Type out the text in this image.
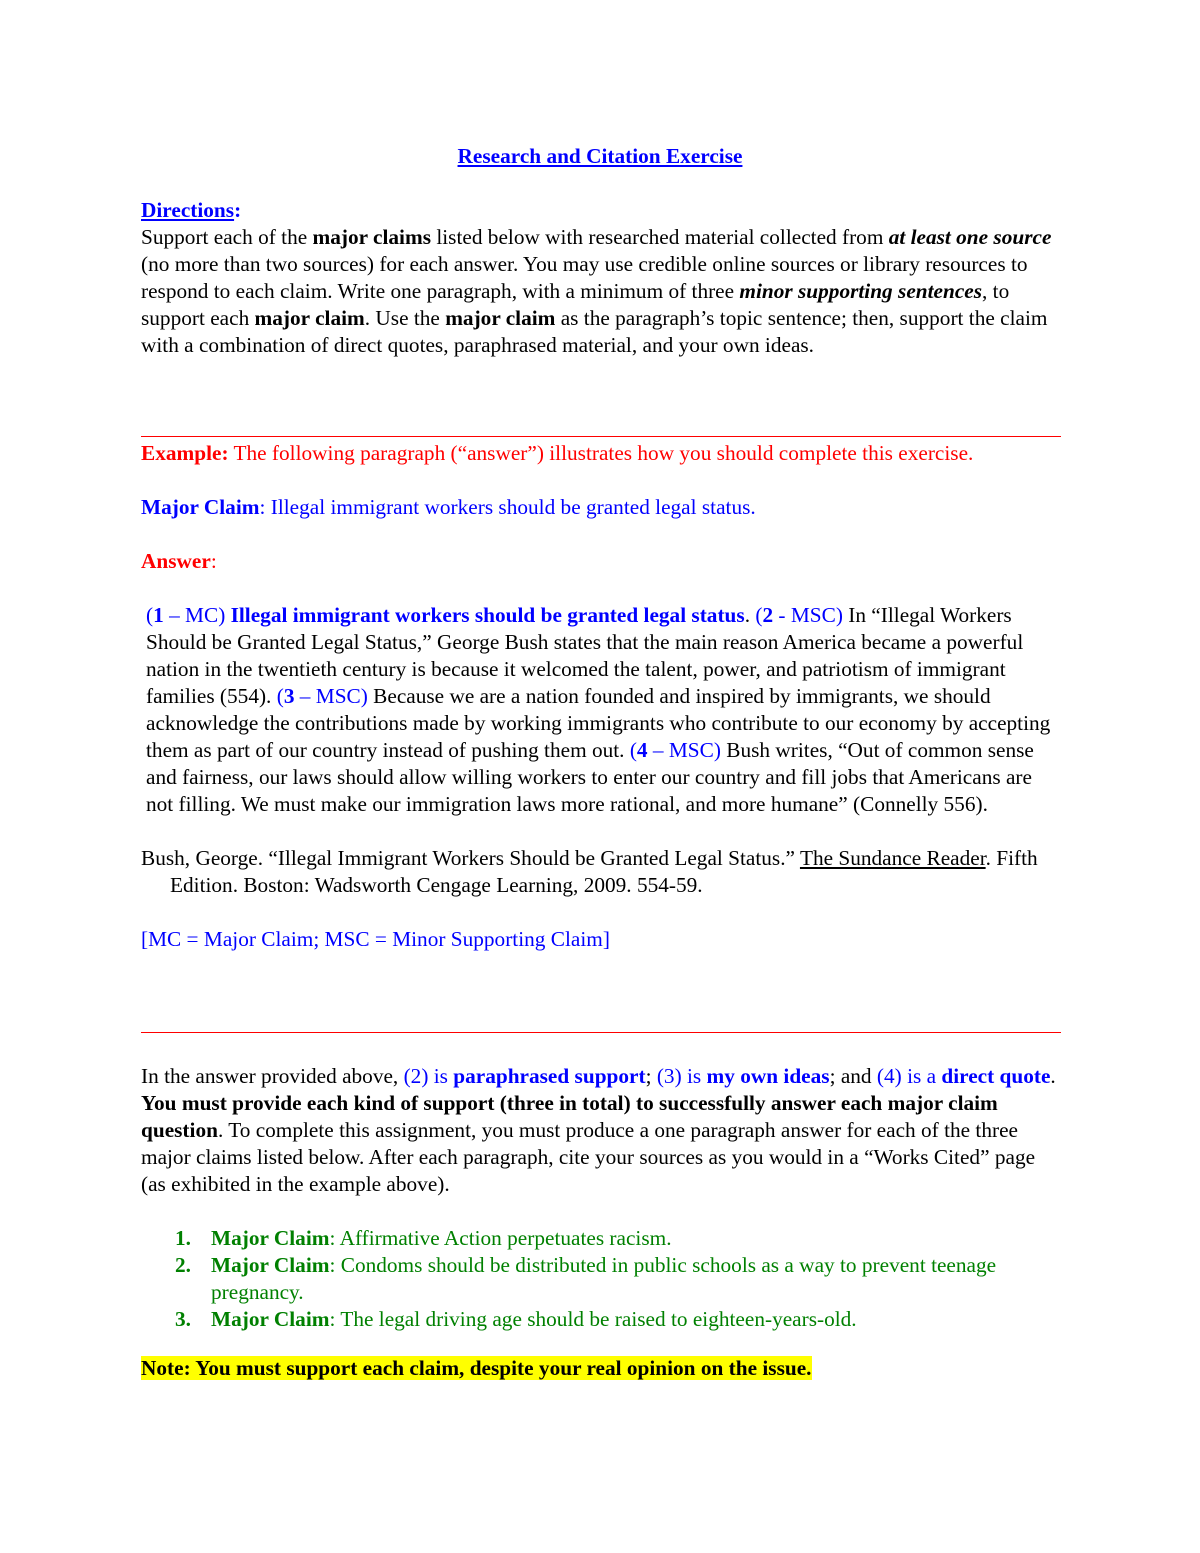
Research and Citation Exercise

Directions:

Support each of the major claims listed below with researched material collected from at least one source (no more than two sources) for each answer. You may use credible online sources or library resources to respond to each claim. Write one paragraph, with a minimum of three minor supporting sentences, to support each major claim. Use the major claim as the paragraph’s topic sentence; then, support the claim with a combination of direct quotes, paraphrased material, and your own ideas.

Example: The following paragraph (“answer”) illustrates how you should complete this exercise.

Major Claim: Illegal immigrant workers should be granted legal status.

Answer:

(1 – MC) Illegal immigrant workers should be granted legal status. (2 - MSC) In “Illegal Workers Should be Granted Legal Status,” George Bush states that the main reason America became a powerful nation in the twentieth century is because it welcomed the talent, power, and patriotism of immigrant families (554). (3 – MSC) Because we are a nation founded and inspired by immigrants, we should acknowledge the contributions made by working immigrants who contribute to our economy by accepting them as part of our country instead of pushing them out. (4 – MSC) Bush writes, “Out of common sense and fairness, our laws should allow willing workers to enter our country and fill jobs that Americans are not filling. We must make our immigration laws more rational, and more humane” (Connelly 556).

Bush, George. “Illegal Immigrant Workers Should be Granted Legal Status.” The Sundance Reader. Fifth Edition. Boston: Wadsworth Cengage Learning, 2009. 554-59.

[MC = Major Claim; MSC = Minor Supporting Claim]

In the answer provided above, (2) is paraphrased support; (3) is my own ideas; and (4) is a direct quote. You must provide each kind of support (three in total) to successfully answer each major claim question. To complete this assignment, you must produce a one paragraph answer for each of the three major claims listed below. After each paragraph, cite your sources as you would in a “Works Cited” page (as exhibited in the example above).

1. Major Claim: Affirmative Action perpetuates racism.
2. Major Claim: Condoms should be distributed in public schools as a way to prevent teenage pregnancy.
3. Major Claim: The legal driving age should be raised to eighteen-years-old.

Note: You must support each claim, despite your real opinion on the issue.
